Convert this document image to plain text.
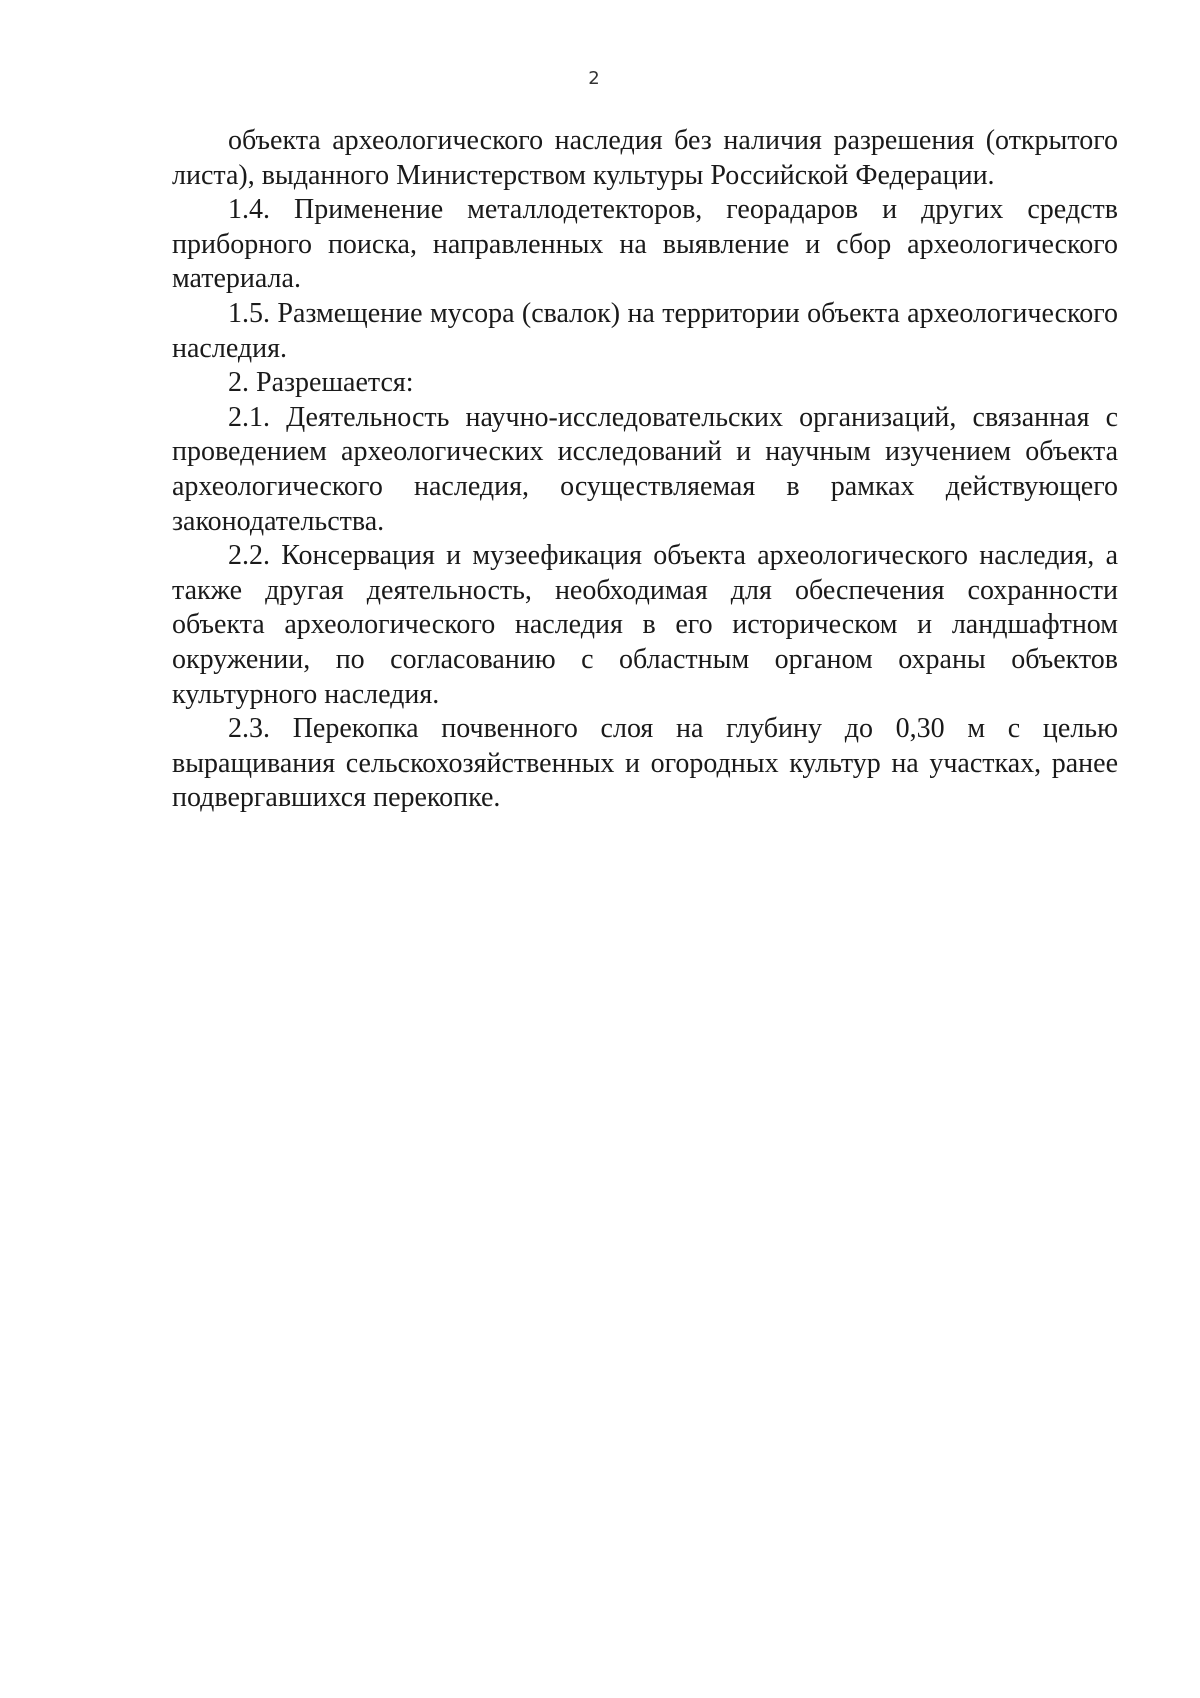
2

объекта археологического наследия без наличия разрешения (открытого листа), выданного Министерством культуры Российской Федерации.

1.4. Применение металлодетекторов, георадаров и других средств приборного поиска, направленных на выявление и сбор археологического материала.

1.5. Размещение мусора (свалок) на территории объекта археологического наследия.

2. Разрешается:

2.1. Деятельность научно-исследовательских организаций, связанная с проведением археологических исследований и научным изучением объекта археологического наследия, осуществляемая в рамках действующего законодательства.

2.2. Консервация и музеефикация объекта археологического наследия, а также другая деятельность, необходимая для обеспечения сохранности объекта археологического наследия в его историческом и ландшафтном окружении, по согласованию с областным органом охраны объектов культурного наследия.

2.3. Перекопка почвенного слоя на глубину до 0,30 м с целью выращивания сельскохозяйственных и огородных культур на участках, ранее подвергавшихся перекопке.
